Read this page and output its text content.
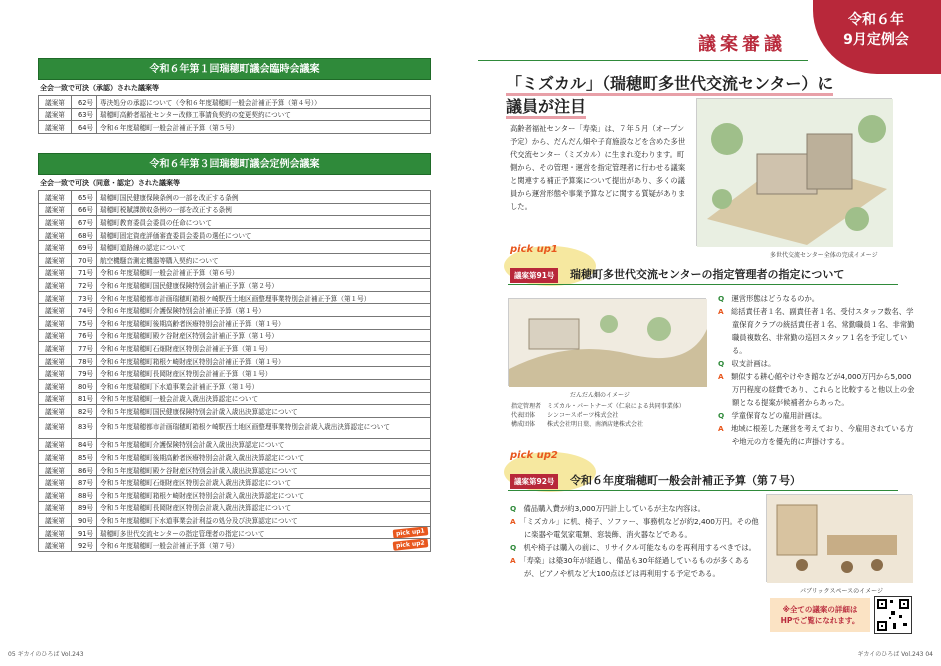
令和６年第１回瑞穂町議会臨時会議案
全会一致で可決（承認）された議案等
議案第	62号	専決処分の承認について（令和６年度瑞穂町一般会計補正予算（第４号））
議案第	63号	瑞穂町高齢者福祉センター改修工事請負契約の変更契約について
議案第	64号	令和６年度瑞穂町一般会計補正予算（第５号）
令和６年第３回瑞穂町議会定例会議案
全会一致で可決（同意・認定）された議案等
議案第	65号	瑞穂町国民健康保険条例の一部を改正する条例
議案第	66号	瑞穂町税賦課徴収条例の一部を改正する条例
議案第	67号	瑞穂町教育委員会委員の任命について
議案第	68号	瑞穂町固定資産評価審査委員会委員の選任について
議案第	69号	瑞穂町道路線の認定について
議案第	70号	航空機騒音測定機器等購入契約について
議案第	71号	令和６年度瑞穂町一般会計補正予算（第６号）
議案第	72号	令和６年度瑞穂町国民健康保険特別会計補正予算（第２号）
議案第	73号	令和６年度瑞穂都市計画瑞穂町箱根ケ崎駅西土地区画整理事業特別会計補正予算（第１号）
議案第	74号	令和６年度瑞穂町介護保険特別会計補正予算（第１号）
議案第	75号	令和６年度瑞穂町後期高齢者医療特別会計補正予算（第１号）
議案第	76号	令和６年度瑞穂町殿ケ谷財産区特別会計補正予算（第１号）
議案第	77号	令和６年度瑞穂町石畑財産区特別会計補正予算（第１号）
議案第	78号	令和６年度瑞穂町箱根ケ崎財産区特別会計補正予算（第１号）
議案第	79号	令和６年度瑞穂町長岡財産区特別会計補正予算（第１号）
議案第	80号	令和６年度瑞穂町下水道事業会計補正予算（第１号）
議案第	81号	令和５年度瑞穂町一般会計歳入歳出決算認定について
議案第	82号	令和５年度瑞穂町国民健康保険特別会計歳入歳出決算認定について
議案第	83号	令和５年度瑞穂都市計画瑞穂町箱根ケ崎駅西土地区画整理事業特別会計歳入歳出決算認定について
議案第	84号	令和５年度瑞穂町介護保険特別会計歳入歳出決算認定について
議案第	85号	令和５年度瑞穂町後期高齢者医療特別会計歳入歳出決算認定について
議案第	86号	令和５年度瑞穂町殿ケ谷財産区特別会計歳入歳出決算認定について
議案第	87号	令和５年度瑞穂町石畑財産区特別会計歳入歳出決算認定について
議案第	88号	令和５年度瑞穂町箱根ケ崎財産区特別会計歳入歳出決算認定について
議案第	89号	令和５年度瑞穂町長岡財産区特別会計歳入歳出決算認定について
議案第	90号	令和５年度瑞穂町下水道事業会計利益の処分及び決算認定について
議案第	91号	瑞穂町多世代交流センターの指定管理者の指定について pick up1

議案第	92号	令和６年度瑞穂町一般会計補正予算（第７号） pick up2
05 ギカイのひろば Vol.243
令和６年
9月定例会
議案審議
「ミズカル」（瑞穂町多世代交流センター）に
議員が注目
高齢者福祉センター「寿楽」は、７年５月（オープン予定）から、だんだん畑や子育施設などを含めた多世代交流センター（ミズカル）に生まれ変わります。町側から、その管理・運営を指定管理者に行わせる議案と関連する補正予算案について提出があり、多くの議員から運営形態や事業予算などに関する質疑がありました。
多世代交流センター全体の完成イメージ
pick up1
議案第91号	瑞穂町多世代交流センターの指定管理者の指定について
だんだん畑のイメージ
指定管理者	ミズカル・パートナーズ（仁泉による共同事業体）
代表団体	シンコースポーツ株式会社
構成団体	株式会社明日葉、南酒店建株式会社

Q　 運営形態はどうなるのか。

A　 総括責任者１名、副責任者１名、受付スタッフ数名、学童保育クラブの統括責任者１名、常勤職員１名、非常勤職員複数名、非常勤の巡回スタッフ１名を予定している。

Q　 収支計画は。

A　 類似する耕心館やけやき館などが4,000万円から5,000万円程度の経費であり、これらと比較すると他以上の金額となる提案が候補者からあった。

Q　 学童保育などの雇用計画は。

A　 地域に根差した運営を考えており、今雇用されている方や地元の方を優先的に声掛けする。

pick up2
議案第92号	令和６年度瑞穂町一般会計補正予算（第７号）

Q　 備品購入費が約3,000万円計上しているが主な内容は。

A　 「ミズカル」に机、椅子、ソファー、事務机などが約2,400万円。その他に楽器や電気家電類、窓装飾、消火器などである。

Q　 机や椅子は購入の前に、リサイクル可能なものを再利用するべきでは。

A　 「寿楽」は築30年が経過し、備品も30年経過しているものが多くあるが、ピアノや机など大100点ほどは再利用する予定である。

パブリックスペースのイメージ
※全ての議案の詳細は
HPでご覧になれます。
ギカイのひろば Vol.243 04
